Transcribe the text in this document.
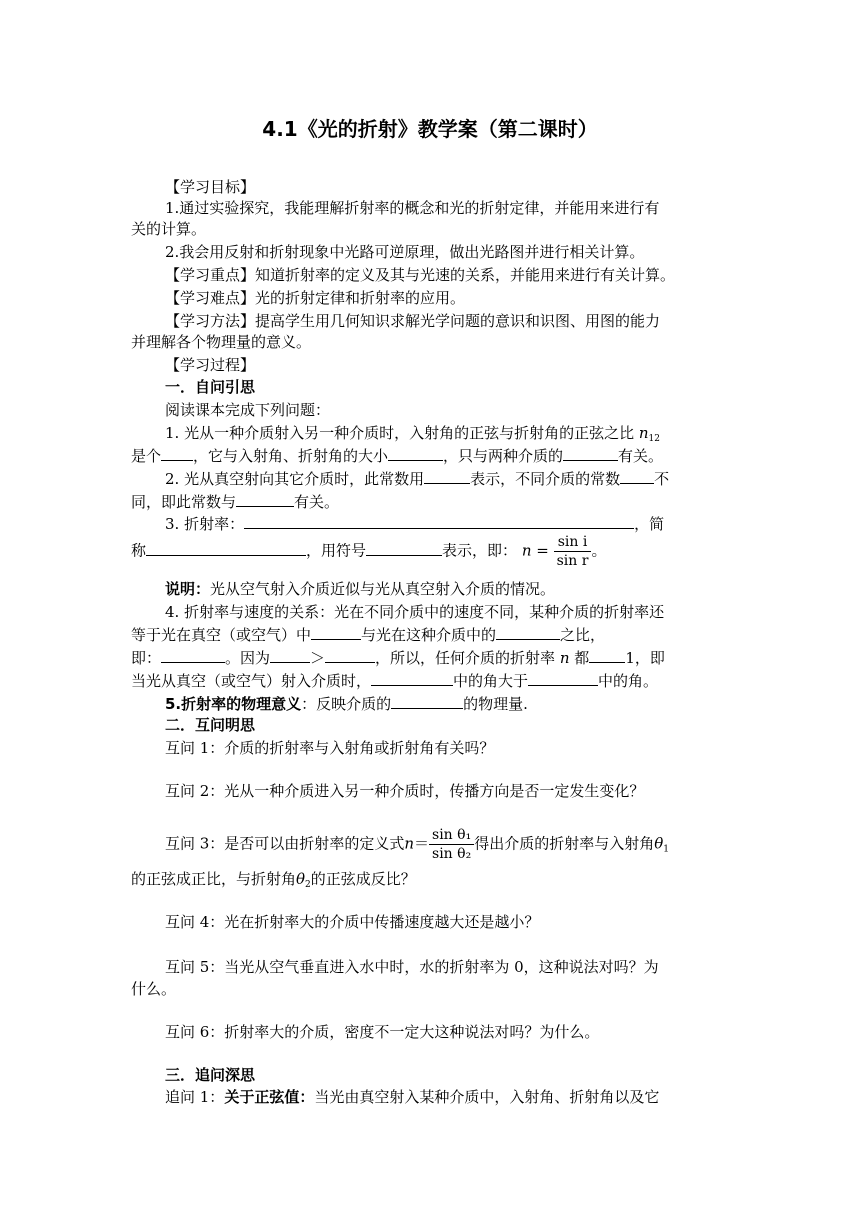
4.1《光的折射》教学案（第二课时）
【学习目标】
1.通过实验探究，我能理解折射率的概念和光的折射定律，并能用来进行有
关的计算。
2.我会用反射和折射现象中光路可逆原理，做出光路图并进行相关计算。
【学习重点】知道折射率的定义及其与光速的关系，并能用来进行有关计算。
【学习难点】光的折射定律和折射率的应用。
【学习方法】提高学生用几何知识求解光学问题的意识和识图、用图的能力
并理解各个物理量的意义。
【学习过程】
一．自问引思
阅读课本完成下列问题：
1. 光从一种介质射入另一种介质时，入射角的正弦与折射角的正弦之比 $n_{12}$
是个 ，它与入射角、折射角的大小	，只与两种介质的	有关。
2. 光从真空射向其它介质时，此常数用	表示，不同介质的常数 不
同，即此常数与	有关。
3. 折射率：	，简
称	，用符号	表示，即： $n = \frac{\text{sin i}}{\text{sin r}}$ 。
说明：光从空气射入介质近似与光从真空射入介质的情况。
4. 折射率与速度的关系：光在不同介质中的速度不同，某种介质的折射率还
等于光在真空（或空气）中	与光在这种介质中的	之比，
即：	。因为	＞	，所以，任何介质的折射率 n 都 1，即
当光从真空（或空气）射入介质时，	中的角大于	中的角。
5.折射率的物理意义：反映介质的	的物理量.
二．互问明思
互问 1：介质的折射率与入射角或折射角有关吗？
互问 2：光从一种介质进入另一种介质时，传播方向是否一定发生变化？
互问 3：是否可以由折射率的定义式$n= \frac{\text{sin θ₁}}{\text{sin θ₂}}$ 得出介质的折射率与入射角$\theta_1$
的正弦成正比，与折射角$\theta_2$的正弦成反比？
互问 4：光在折射率大的介质中传播速度越大还是越小？
互问 5：当光从空气垂直进入水中时，水的折射率为 0，这种说法对吗？为
什么。
互问 6：折射率大的介质，密度不一定大这种说法对吗？为什么。
三．追问深思
追问 1：关于正弦值：当光由真空射入某种介质中，入射角、折射角以及它
